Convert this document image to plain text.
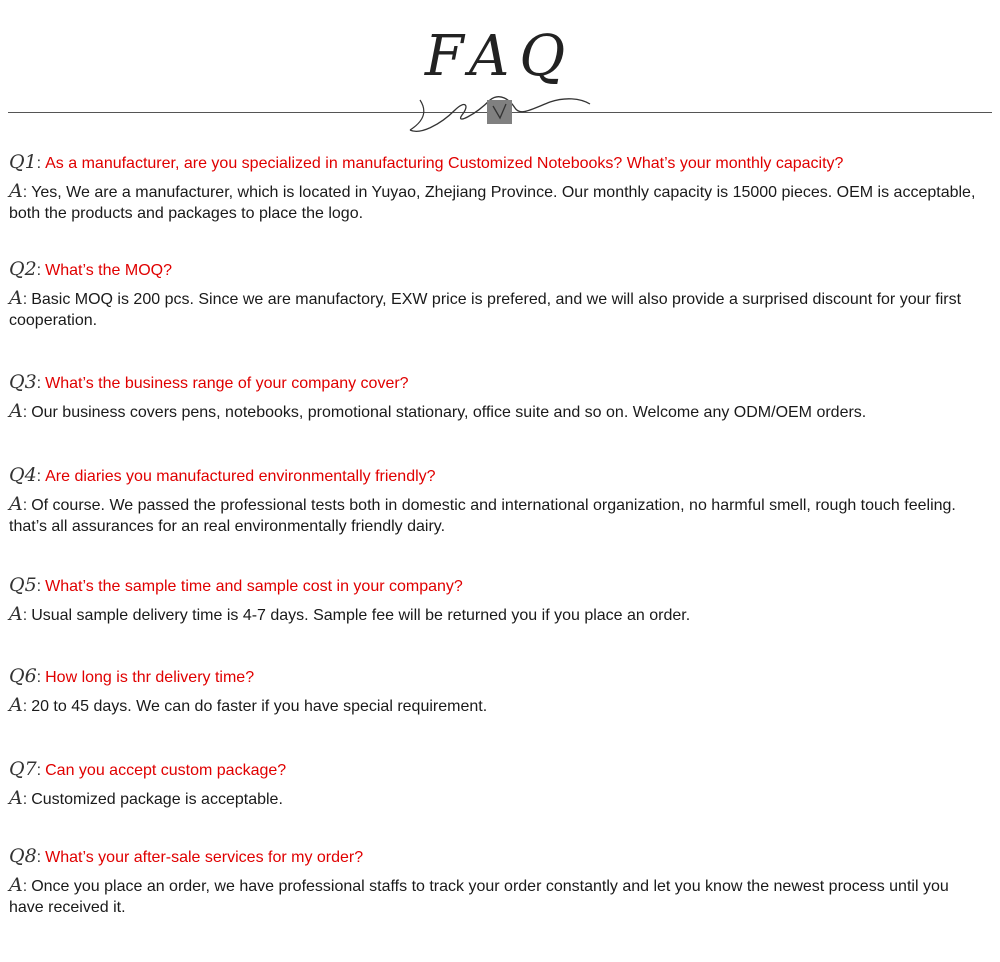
FAQ
Q1: As a manufacturer, are you specialized in manufacturing Customized Notebooks? What’s your monthly capacity?
A: Yes, We are a manufacturer, which is located in Yuyao, Zhejiang Province. Our monthly capacity is 15000 pieces. OEM is acceptable, both the products and packages to place the logo.
Q2: What’s the MOQ?
A: Basic MOQ is 200 pcs. Since we are manufactory, EXW price is prefered, and we will also provide a surprised discount for your first cooperation.
Q3: What’s the business range of your company cover?
A: Our business covers pens, notebooks, promotional stationary, office suite and so on. Welcome any ODM/OEM orders.
Q4: Are diaries you manufactured environmentally friendly?
A: Of course. We passed the professional tests both in domestic and international organization, no harmful smell, rough touch feeling. that’s all assurances for an real environmentally friendly dairy.
Q5: What’s the sample time and sample cost in your company?
A: Usual sample delivery time is 4-7 days. Sample fee will be returned you if you place an order.
Q6: How long is thr delivery time?
A: 20 to 45 days. We can do faster if you have special requirement.
Q7: Can you accept custom package?
A: Customized package is acceptable.
Q8: What’s your after-sale services for my order?
A: Once you place an order, we have professional staffs to track your order constantly and let you know the newest process until you have received it.
